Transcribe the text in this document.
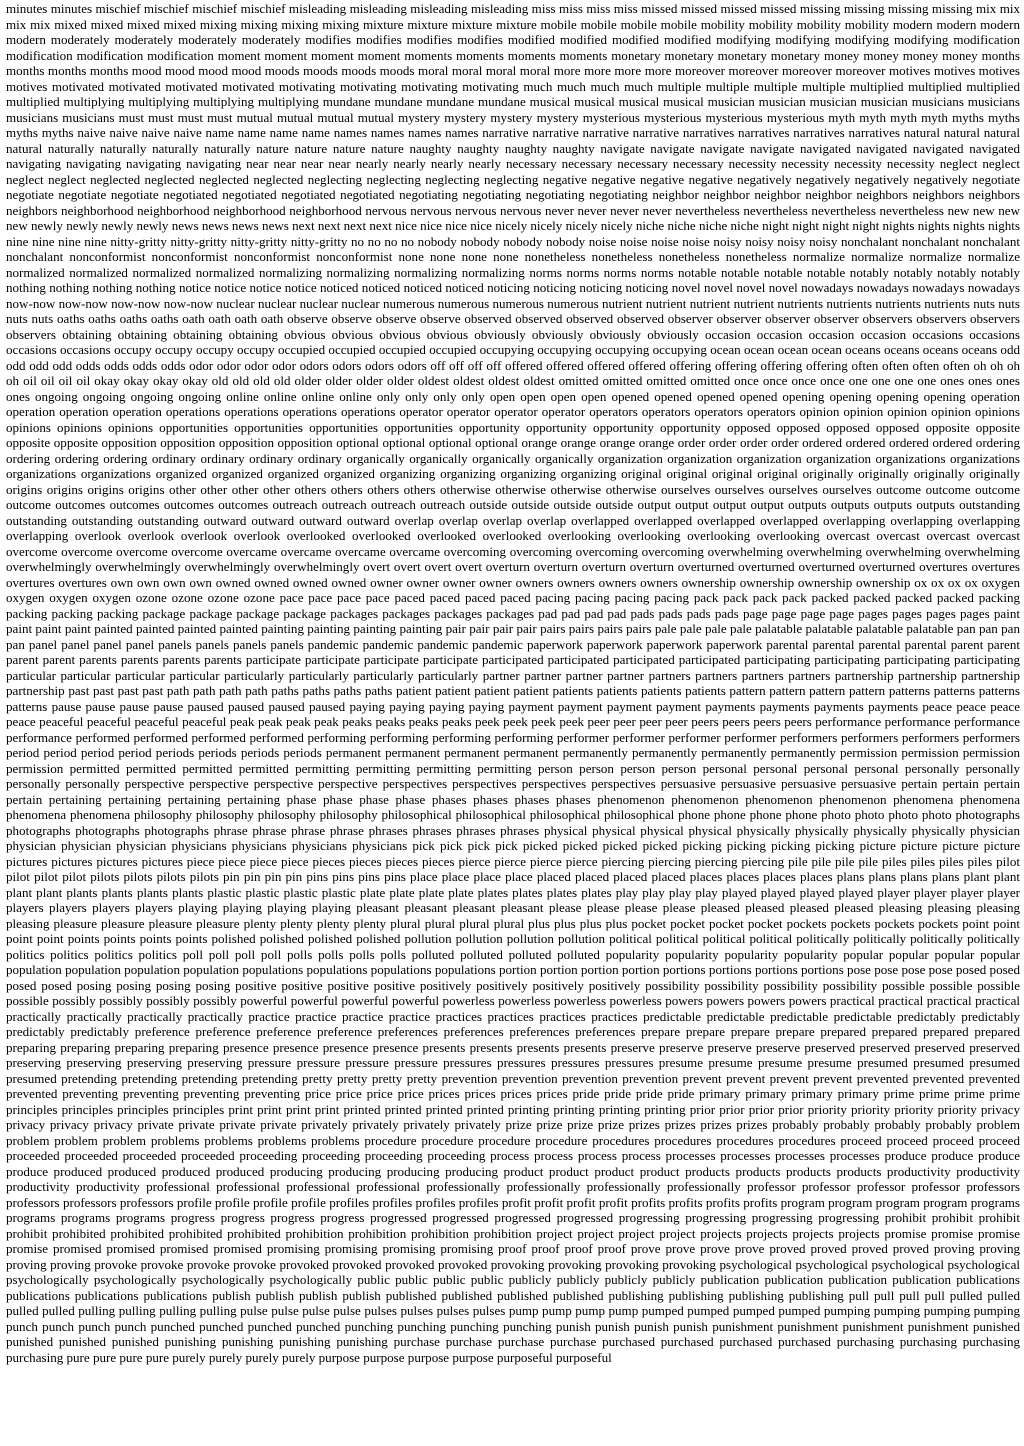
minutes minutes mischief mischief mischief mischief misleading misleading misleading misleading miss miss miss miss missed missed missed missed missing missing missing missing mix mix mix mix mixed mixed mixed mixed mixing mixing mixing mixing mixture mixture mixture mixture mobile mobile mobile mobile mobility mobility mobility mobility modern modern modern modern moderately moderately moderately moderately modifies modifies modifies modifies modified modified modified modified modifying modifying modifying modifying modification modification modification modification moment moment moment moment moments moments moments moments monetary monetary monetary monetary money money money money months months months months mood mood mood mood moods moods moods moods moral moral moral moral more more more more moreover moreover moreover moreover motives motives motives motives motivated motivated motivated motivated motivating motivating motivating motivating much much much much multiple multiple multiple multiple multiplied multiplied multiplied multiplied multiplying multiplying multiplying multiplying mundane mundane mundane mundane musical musical musical musical musician musician musician musician musicians musicians musicians musicians must must must must mutual mutual mutual mutual mystery mystery mystery mystery mysterious mysterious mysterious mysterious myth myth myth myth myths myths myths myths naive naive naive naive name name name name names names names names narrative narrative narrative narrative narratives narratives narratives narratives natural natural natural natural naturally naturally naturally naturally nature nature nature nature naughty naughty naughty naughty navigate navigate navigate navigate navigated navigated navigated navigated navigating navigating navigating navigating near near near near nearly nearly nearly nearly necessary necessary necessary necessary necessity necessity necessity necessity neglect neglect neglect neglect neglected neglected neglected neglected neglecting neglecting neglecting neglecting negative negative negative negative negatively negatively negatively negatively negotiate negotiate negotiate negotiate negotiated negotiated negotiated negotiated negotiating negotiating negotiating negotiating neighbor neighbor neighbor neighbor neighbors neighbors neighbors neighbors neighborhood neighborhood neighborhood neighborhood nervous nervous nervous nervous never never never never nevertheless nevertheless nevertheless nevertheless new new new new newly newly newly newly news news news news next next next next nice nice nice nice nicely nicely nicely nicely niche niche niche niche night night night night nights nights nights nights nine nine nine nine nitty-gritty nitty-gritty nitty-gritty nitty-gritty no no no no nobody nobody nobody nobody noise noise noise noise noisy noisy noisy noisy nonchalant nonchalant nonchalant nonchalant nonconformist nonconformist nonconformist nonconformist none none none none nonetheless nonetheless nonetheless nonetheless normalize normalize normalize normalize normalized normalized normalized normalized normalizing normalizing normalizing normalizing norms norms norms norms notable notable notable notable notably notably notably notably nothing nothing nothing nothing notice notice notice notice noticed noticed noticed noticed noticing noticing noticing noticing novel novel novel novel nowadays nowadays nowadays nowadays now-now now-now now-now now-now nuclear nuclear nuclear nuclear numerous numerous numerous numerous nutrient nutrient nutrient nutrient nutrients nutrients nutrients nutrients nuts nuts nuts nuts oaths oaths oaths oaths oath oath oath oath observe observe observe observe observed observed observed observed observer observer observer observer observers observers observers observers obtaining obtaining obtaining obtaining obvious obvious obvious obvious obviously obviously obviously obviously occasion occasion occasion occasion occasions occasions occasions occasions occupy occupy occupy occupy occupied occupied occupied occupied occupying occupying occupying occupying ocean ocean ocean ocean oceans oceans oceans oceans odd odd odd odd odds odds odds odds odor odor odor odor odors odors odors odors off off off off offered offered offered offered offering offering offering offering often often often often oh oh oh oh oil oil oil oil okay okay okay okay old old old old older older older older oldest oldest oldest oldest omitted omitted omitted omitted once once once once one one one one ones ones ones ones ongoing ongoing ongoing ongoing online online online online only only only only open open open open opened opened opened opened opening opening opening opening operation operation operation operation operations operations operations operations operator operator operator operator operators operators operators operators opinion opinion opinion opinion opinions opinions opinions opinions opportunities opportunities opportunities opportunities opportunity opportunity opportunity opportunity opposed opposed opposed opposed opposite opposite opposite opposite opposition opposition opposition opposition optional optional optional optional orange orange orange orange order order order order ordered ordered ordered ordered ordering ordering ordering ordering ordinary ordinary ordinary ordinary organically organically organically organically organization organization organization organization organizations organizations organizations organizations organized organized organized organized organizing organizing organizing organizing original original original original originally originally originally originally origins origins origins origins other other other other others others others others otherwise otherwise otherwise otherwise ourselves ourselves ourselves ourselves outcome outcome outcome outcome outcomes outcomes outcomes outcomes outreach outreach outreach outreach outside outside outside outside output output output output outputs outputs outputs outputs outstanding outstanding outstanding outstanding outward outward outward outward overlap overlap overlap overlap overlapped overlapped overlapped overlapped overlapping overlapping overlapping overlapping overlook overlook overlook overlook overlooked overlooked overlooked overlooked overlooking overlooking overlooking overlooking overcast overcast overcast overcast overcome overcome overcome overcome overcame overcame overcame overcame overcoming overcoming overcoming overcoming overwhelming overwhelming overwhelming overwhelming overwhelmingly overwhelmingly overwhelmingly overwhelmingly overt overt overt overt overturn overturn overturn overturn overturned overturned overturned overturned overtures overtures overtures overtures own own own own owned owned owned owned owner owner owner owner owners owners owners owners ownership ownership ownership ownership ox ox ox ox oxygen oxygen oxygen oxygen ozone ozone ozone ozone pace pace pace pace paced paced paced paced pacing pacing pacing pacing pack pack pack pack packed packed packed packed packing packing packing packing package package package package packages packages packages packages pad pad pad pad pads pads pads pads page page page page pages pages pages pages paint paint paint paint painted painted painted painted painting painting painting painting pair pair pair pair pairs pairs pairs pairs pale pale pale pale palatable palatable palatable palatable pan pan pan pan panel panel panel panel panels panels panels panels pandemic pandemic pandemic pandemic paperwork paperwork paperwork paperwork parental parental parental parental parent parent parent parent parents parents parents parents participate participate participate participate participated participated participated participated participating participating participating participating particular particular particular particular particularly particularly particularly particularly partner partner partner partner partners partners partners partners partnership partnership partnership partnership past past past past path path path path paths paths paths paths patient patient patient patient patients patients patients patients pattern pattern pattern pattern patterns patterns patterns patterns pause pause pause pause paused paused paused paused paying paying paying paying payment payment payment payment payments payments payments payments peace peace peace peace peaceful peaceful peaceful peaceful peak peak peak peak peaks peaks peaks peaks peek peek peek peek peer peer peer peer peers peers peers peers performance performance performance performance performed performed performed performed performing performing performing performing performer performer performer performer performers performers performers performers period period period period periods periods periods periods permanent permanent permanent permanent permanently permanently permanently permanently permission permission permission permission permitted permitted permitted permitted permitting permitting permitting permitting person person person person personal personal personal personal personally personally personally personally perspective perspective perspective perspective perspectives perspectives perspectives perspectives persuasive persuasive persuasive persuasive pertain pertain pertain pertain pertaining pertaining pertaining pertaining phase phase phase phase phases phases phases phases phenomenon phenomenon phenomenon phenomenon phenomena phenomena phenomena phenomena philosophy philosophy philosophy philosophy philosophical philosophical philosophical philosophical phone phone phone phone photo photo photo photo photographs photographs photographs photographs phrase phrase phrase phrase phrases phrases phrases phrases physical physical physical physical physically physically physically physically physician physician physician physician physicians physicians physicians physicians pick pick pick pick picked picked picked picked picking picking picking picking picture picture picture picture pictures pictures pictures pictures piece piece piece piece pieces pieces pieces pieces pierce pierce pierce pierce piercing piercing piercing piercing pile pile pile pile piles piles piles piles pilot pilot pilot pilot pilots pilots pilots pilots pin pin pin pin pins pins pins pins place place place place placed placed placed placed places places places places plans plans plans plans plant plant plant plant plants plants plants plants plastic plastic plastic plastic plate plate plate plate plates plates plates plates play play play play played played played played player player player player players players players players playing playing playing playing pleasant pleasant pleasant pleasant please please please please pleased pleased pleased pleased pleasing pleasing pleasing pleasing pleasure pleasure pleasure pleasure plenty plenty plenty plenty plural plural plural plural plus plus plus plus pocket pocket pocket pocket pockets pockets pockets pockets point point point point points points points points polished polished polished polished pollution pollution pollution pollution political political political political politically politically politically politically politics politics politics politics poll poll poll poll polls polls polls polls polluted polluted polluted polluted popularity popularity popularity popularity popular popular popular popular population population population population populations populations populations populations portion portion portion portion portions portions portions portions pose pose pose pose posed posed posed posed posing posing posing posing positive positive positive positive positively positively positively positively possibility possibility possibility possibility possible possible possible possible possibly possibly possibly possibly powerful powerful powerful powerful powerless powerless powerless powerless powers powers powers powers practical practical practical practical practically practically practically practically practice practice practice practice practices practices practices practices predictable predictable predictable predictable predictably predictably predictably predictably preference preference preference preference preferences preferences preferences preferences prepare prepare prepare prepare prepared prepared prepared prepared preparing preparing preparing preparing presence presence presence presence presents presents presents presents preserve preserve preserve preserve preserved preserved preserved preserved preserving preserving preserving preserving pressure pressure pressure pressure pressures pressures pressures pressures presume presume presume presume presumed presumed presumed presumed pretending pretending pretending pretending pretty pretty pretty pretty prevention prevention prevention prevention prevent prevent prevent prevent prevented prevented prevented prevented preventing preventing preventing preventing price price price price prices prices prices prices pride pride pride pride primary primary primary primary prime prime prime prime principles principles principles principles print print print print printed printed printed printed printing printing printing printing prior prior prior prior priority priority priority priority privacy privacy privacy privacy private private private private privately privately privately privately prize prize prize prize prizes prizes prizes prizes probably probably probably probably problem problem problem problem problems problems problems problems procedure procedure procedure procedure procedures procedures procedures procedures proceed proceed proceed proceed proceeded proceeded proceeded proceeded proceeding proceeding proceeding proceeding process process process process processes processes processes processes produce produce produce produce produced produced produced produced producing producing producing producing product product product product products products products products productivity productivity productivity productivity professional professional professional professional professionally professionally professionally professionally professor professor professor professor professors professors professors professors profile profile profile profile profiles profiles profiles profiles profit profit profit profit profits profits profits profits program program program program programs programs programs programs progress progress progress progress progressed progressed progressed progressed progressing progressing progressing progressing prohibit prohibit prohibit prohibit prohibited prohibited prohibited prohibited prohibition prohibition prohibition prohibition project project project project projects projects projects projects promise promise promise promise promised promised promised promised promising promising promising promising proof proof proof proof prove prove prove prove proved proved proved proved proving proving proving proving provoke provoke provoke provoke provoked provoked provoked provoked provoking provoking provoking provoking psychological psychological psychological psychological psychologically psychologically psychologically psychologically public public public public publicly publicly publicly publicly publication publication publication publication publications publications publications publications publish publish publish publish published published published published publishing publishing publishing publishing pull pull pull pull pulled pulled pulled pulled pulling pulling pulling pulling pulse pulse pulse pulse pulses pulses pulses pulses pump pump pump pump pumped pumped pumped pumped pumping pumping pumping pumping punch punch punch punch punched punched punched punched punching punching punching punching punish punish punish punish punishment punishment punishment punishment punished punished punished punished punishing punishing punishing punishing purchase purchase purchase purchase purchased purchased purchased purchased purchasing purchasing purchasing purchasing pure pure pure pure purely purely purely purely purpose purpose purpose purpose purposeful purposeful
